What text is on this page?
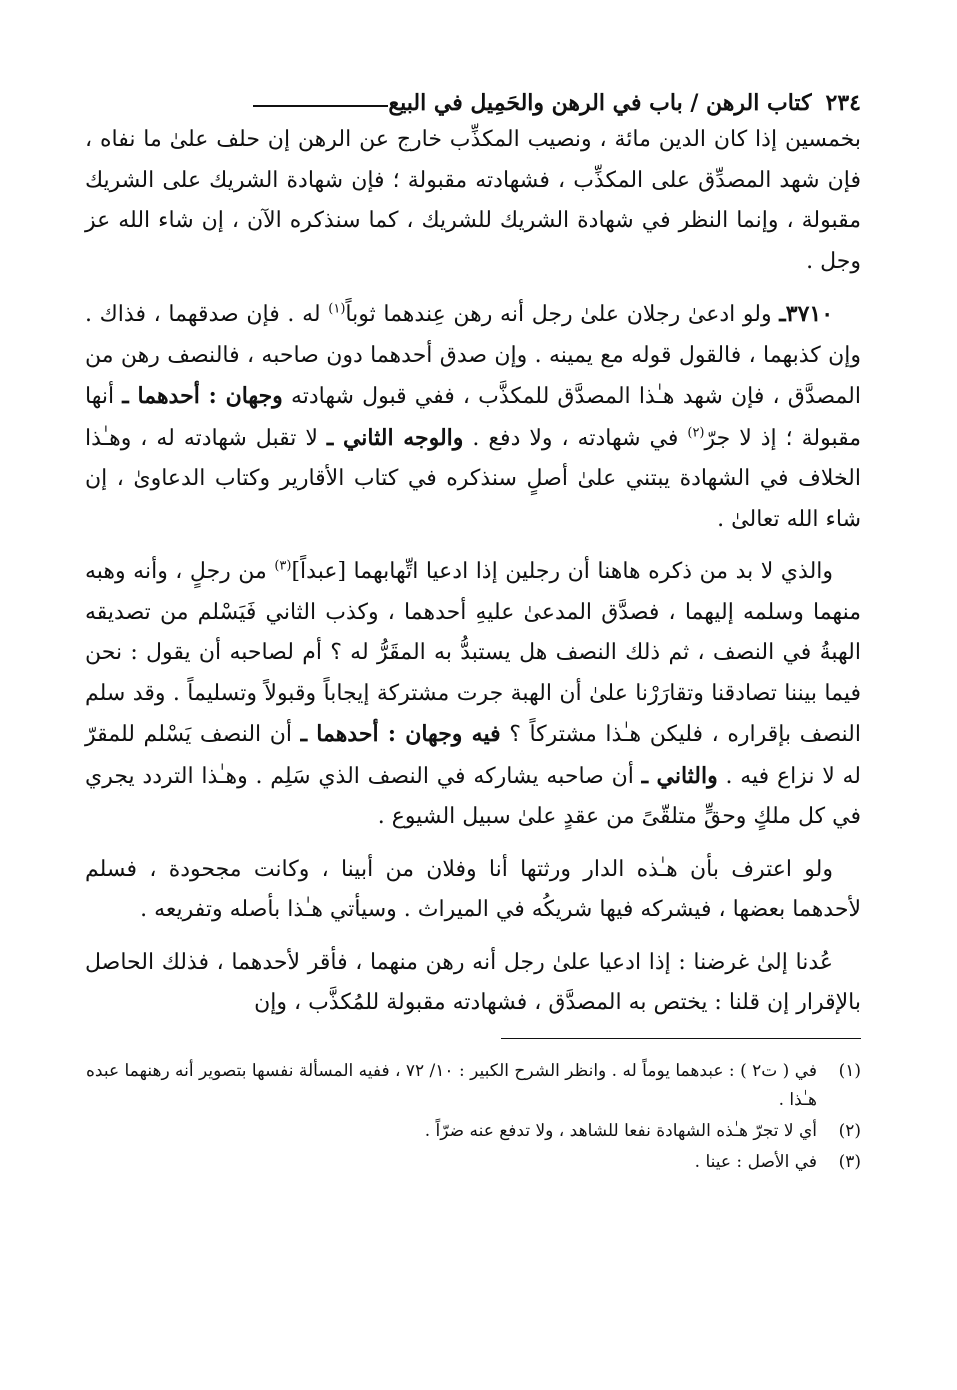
٢٣٤
كتاب الرهن / باب في الرهن والحَمِيل في البيع

بخمسين إذا كان الدين مائة ، ونصيب المكذِّب خارج عن الرهن إن حلف علىٰ ما نفاه ، فإن شهد المصدِّق على المكذِّب ، فشهادته مقبولة ؛ فإن شهادة الشريك على الشريك مقبولة ، وإنما النظر في شهادة الشريك للشريك ، كما سنذكره الآن ، إن شاء الله عز وجل .

٣٧١٠ـ ولو ادعىٰ رجلان علىٰ رجل أنه رهن عِندهما ثوباً$^{(١)}$ له . فإن صدقهما ، فذاك . وإن كذبهما ، فالقول قوله مع يمينه . وإن صدق أحدهما دون صاحبه ، فالنصف رهن من المصدَّق ، فإن شهد هـٰذا المصدَّق للمكذَّب ، ففي قبول شهادته وجهان : أحدهما ـ أنها مقبولة ؛ إذ لا جرّ$^{(٢)}$ في شهادته ، ولا دفع . والوجه الثاني ـ لا تقبل شهادته له ، وهـٰذا الخلاف في الشهادة يبتني علىٰ أصلٍ سنذكره في كتاب الأقارير وكتاب الدعاوىٰ ، إن شاء الله تعالىٰ .

والذي لا بد من ذكره هاهنا أن رجلين إذا ادعيا اتِّهابهما [عبداً]$^{(٣)}$ من رجلٍ ، وأنه وهبه منهما وسلمه إليهما ، فصدَّق المدعىٰ عليهِ أحدهما ، وكذب الثاني فَيَسْلم من تصديقه الهبةُ في النصف ، ثم ذلك النصف هل يستبدُّ به المقَرُّ له ؟ أم لصاحبه أن يقول : نحن فيما بيننا تصادقنا وتقارَرْنا علىٰ أن الهبة جرت مشتركة إيجاباً وقبولاً وتسليماً . وقد سلم النصف بإقراره ، فليكن هـٰذا مشتركاً ؟ فيه وجهان : أحدهما ـ أن النصف يَسْلم للمقرّ له لا نزاع فيه . والثاني ـ أن صاحبه يشاركه في النصف الذي سَلِم . وهـٰذا التردد يجري في كل ملكٍ وحقٍّ متلقّىً من عقدٍ علىٰ سبيل الشيوع .

ولو اعترف بأن هـٰذه الدار ورثتها أنا وفلان من أبينا ، وكانت مجحودة ، فسلم لأحدهما بعضها ، فيشركه فيها شريكُه في الميراث . وسيأتي هـٰذا بأصله وتفريعه .

عُدنا إلىٰ غرضنا : إذا ادعيا علىٰ رجل أنه رهن منهما ، فأقر لأحدهما ، فذلك الحاصل بالإقرار إن قلنا : يختص به المصدَّق ، فشهادته مقبولة للمُكذَّب ، وإن

(١)
في ( ت٢ ) : عبدهما يوماً له . وانظر الشرح الكبير : ١٠/ ٧٢ ، ففيه المسألة نفسها بتصوير أنه رهنهما عبده هـٰذا .
(٢)
أي لا تجرّ هـٰذه الشهادة نفعا للشاهد ، ولا تدفع عنه ضرّاً .
(٣)
في الأصل : عينا .
